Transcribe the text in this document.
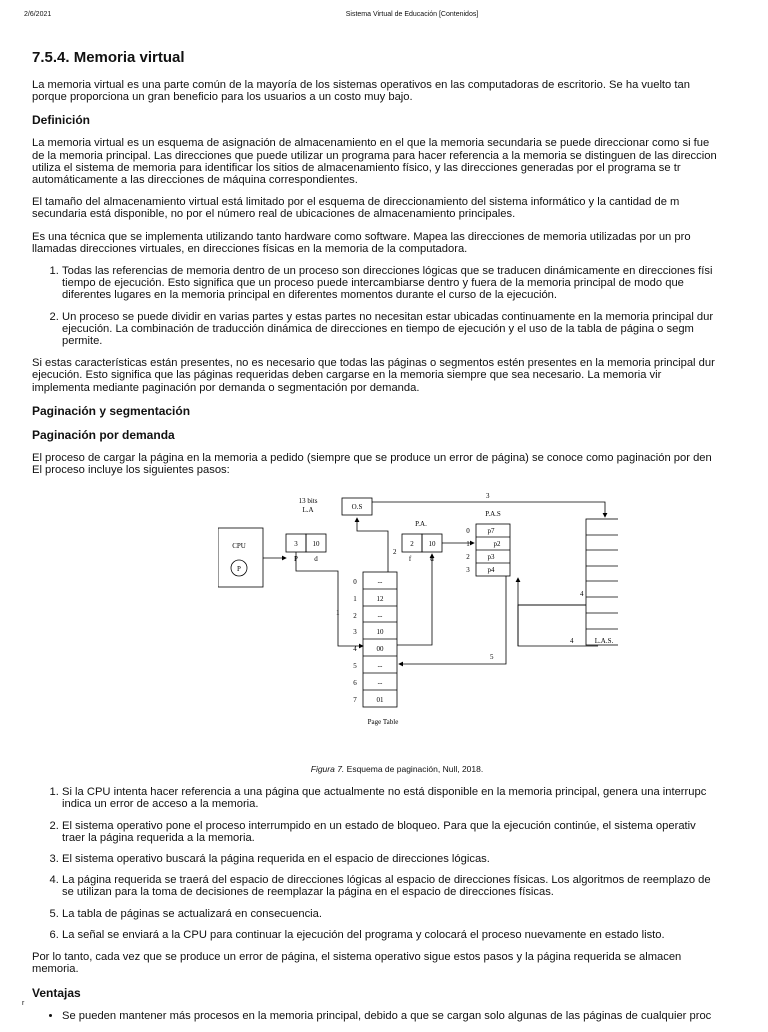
2/6/2021	Sistema Virtual de Educación [Contenidos]
7.5.4. Memoria virtual

La memoria virtual es una parte común de la mayoría de los sistemas operativos en las computadoras de escritorio. Se ha vuelto tan
porque proporciona un gran beneficio para los usuarios a un costo muy bajo.

Definición

La memoria virtual es un esquema de asignación de almacenamiento en el que la memoria secundaria se puede direccionar como si fue
de la memoria principal. Las direcciones que puede utilizar un programa para hacer referencia a la memoria se distinguen de las direccion
utiliza el sistema de memoria para identificar los sitios de almacenamiento físico, y las direcciones generadas por el programa se tr
automáticamente a las direcciones de máquina correspondientes.

El tamaño del almacenamiento virtual está limitado por el esquema de direccionamiento del sistema informático y la cantidad de m
secundaria está disponible, no por el número real de ubicaciones de almacenamiento principales.

Es una técnica que se implementa utilizando tanto hardware como software. Mapea las direcciones de memoria utilizadas por un pro
llamadas direcciones virtuales, en direcciones físicas en la memoria de la computadora.

1. Todas las referencias de memoria dentro de un proceso son direcciones lógicas que se traducen dinámicamente en direcciones físi
tiempo de ejecución. Esto significa que un proceso puede intercambiarse dentro y fuera de la memoria principal de modo que
diferentes lugares en la memoria principal en diferentes momentos durante el curso de la ejecución.
2. Un proceso se puede dividir en varias partes y estas partes no necesitan estar ubicadas continuamente en la memoria principal dur
ejecución. La combinación de traducción dinámica de direcciones en tiempo de ejecución y el uso de la tabla de página o segm
permite.

Si estas características están presentes, no es necesario que todas las páginas o segmentos estén presentes en la memoria principal dur
ejecución. Esto significa que las páginas requeridas deben cargarse en la memoria siempre que sea necesario. La memoria vir
implementa mediante paginación por demanda o segmentación por demanda.

Paginación y segmentación
Paginación por demanda

El proceso de cargar la página en la memoria a pedido (siempre que se produce un error de página) se conoce como paginación por den
El proceso incluye los siguientes pasos:

O.S
CPU
P
13 bits
L.A
3 10
P d
P.A.
2 10
f	d
P.A.S
p7
p2
p3
p4
0
1
2
3
L.A.S.
0
1
2
3
4
5
6
7
--
12
--
10
00
--
--
01
Page Table
1
2
3
4
5
4
Figura 7. Esquema de paginación, Null, 2018.
1. Si la CPU intenta hacer referencia a una página que actualmente no está disponible en la memoria principal, genera una interrupc
indica un error de acceso a la memoria.
2. El sistema operativo pone el proceso interrumpido en un estado de bloqueo. Para que la ejecución continúe, el sistema operativ
traer la página requerida a la memoria.
3. El sistema operativo buscará la página requerida en el espacio de direcciones lógicas.
4. La página requerida se traerá del espacio de direcciones lógicas al espacio de direcciones físicas. Los algoritmos de reemplazo de
se utilizan para la toma de decisiones de reemplazar la página en el espacio de direcciones físicas.
5. La tabla de páginas se actualizará en consecuencia.
6. La señal se enviará a la CPU para continuar la ejecución del programa y colocará el proceso nuevamente en estado listo.

Por lo tanto, cada vez que se produce un error de página, el sistema operativo sigue estos pasos y la página requerida se almacen
memoria.

Ventajas
• Se pueden mantener más procesos en la memoria principal, debido a que se cargan solo algunas de las páginas de cualquier proc
r
